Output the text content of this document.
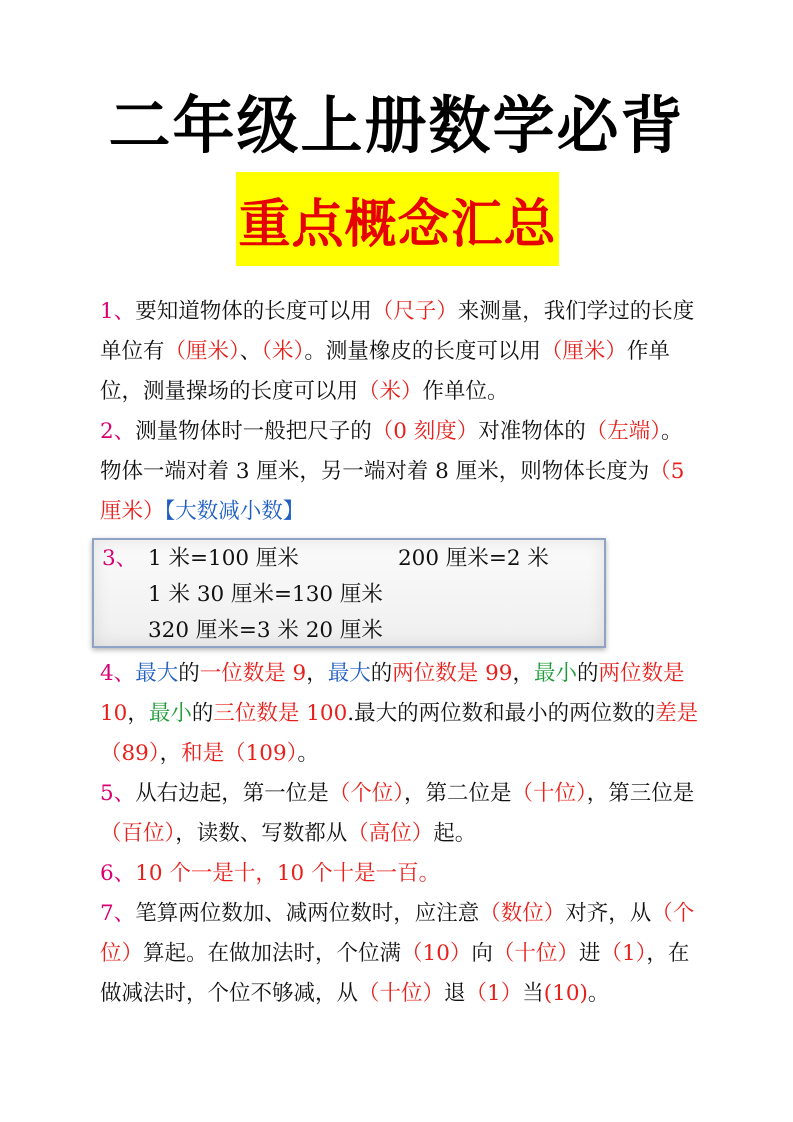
二年级上册数学必背
重点概念汇总

1、要知道物体的长度可以用（尺子）来测量，我们学过的长度单位有（厘米）、（米）。测量橡皮的长度可以用（厘米）作单位，测量操场的长度可以用（米）作单位。

2、测量物体时一般把尺子的（0 刻度）对准物体的（左端）。物体一端对着 3 厘米，另一端对着 8 厘米，则物体长度为（5 厘米）【大数减小数】

3、 1 米=100 厘米	200 厘米=2 米
1 米 30 厘米=130 厘米
320 厘米=3 米 20 厘米

4、最大的一位数是 9，最大的两位数是 99，最小的两位数是 10，最小的三位数是 100.最大的两位数和最小的两位数的差是（89），和是（109）。

5、从右边起，第一位是（个位），第二位是（十位），第三位是（百位），读数、写数都从（高位）起。

6、10 个一是十，10 个十是一百。

7、笔算两位数加、减两位数时，应注意（数位）对齐，从（个位）算起。在做加法时，个位满（10）向（十位）进（1），在做减法时，个位不够减，从（十位）退（1）当(10)。
